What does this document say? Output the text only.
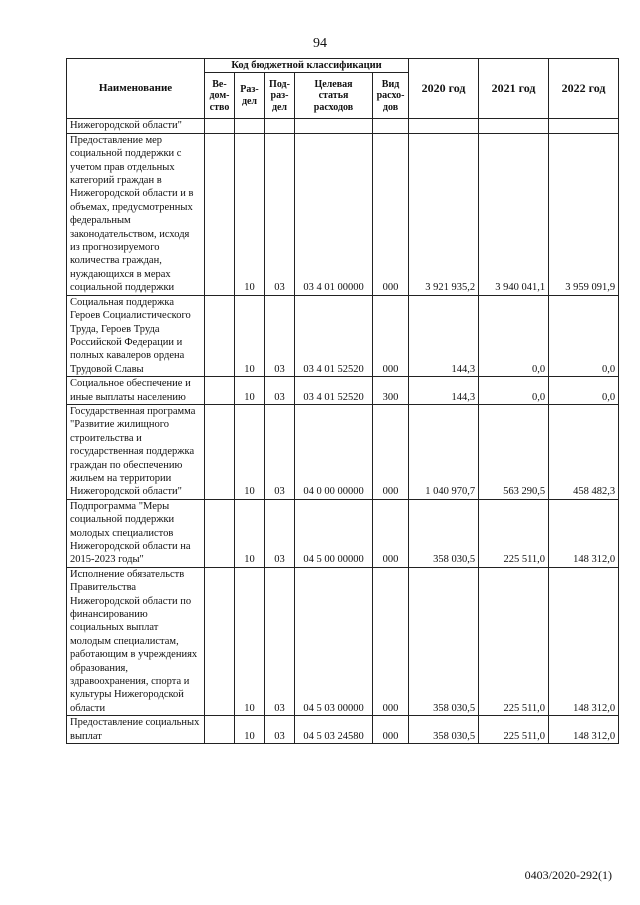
94
Наименование	Код бюджетной классификации					2020 год	2021 год	2022 год
	Ве-
дом-
ство	Раз-
дел	Под-
раз-
дел	Целевая
статья
расходов	Вид
расхо-
дов			
Нижегородской области"								
Предоставление мер социальной поддержки с учетом прав отдельных категорий граждан в Нижегородской области и в объемах, предусмотренных федеральным законодательством, исходя из прогнозируемого количества граждан, нуждающихся в мерах социальной поддержки		10	03	03 4 01 00000	000	3 921 935,2	3 940 041,1	3 959 091,9
Социальная поддержка Героев Социалистического Труда, Героев Труда Российской Федерации и полных кавалеров ордена Трудовой Славы		10	03	03 4 01 52520	000	144,3	0,0	0,0
Социальное обеспечение и иные выплаты населению		10	03	03 4 01 52520	300	144,3	0,0	0,0
Государственная программа "Развитие жилищного строительства и государственная поддержка граждан по обеспечению жильем на территории Нижегородской области"		10	03	04 0 00 00000	000	1 040 970,7	563 290,5	458 482,3
Подпрограмма "Меры социальной поддержки молодых специалистов Нижегородской области на 2015-2023 годы"		10	03	04 5 00 00000	000	358 030,5	225 511,0	148 312,0
Исполнение обязательств Правительства Нижегородской области по финансированию социальных выплат молодым специалистам, работающим в учреждениях образования, здравоохранения, спорта и культуры Нижегородской области		10	03	04 5 03 00000	000	358 030,5	225 511,0	148 312,0
Предоставление социальных выплат		10	03	04 5 03 24580	000	358 030,5	225 511,0	148 312,0
0403/2020-292(1)
